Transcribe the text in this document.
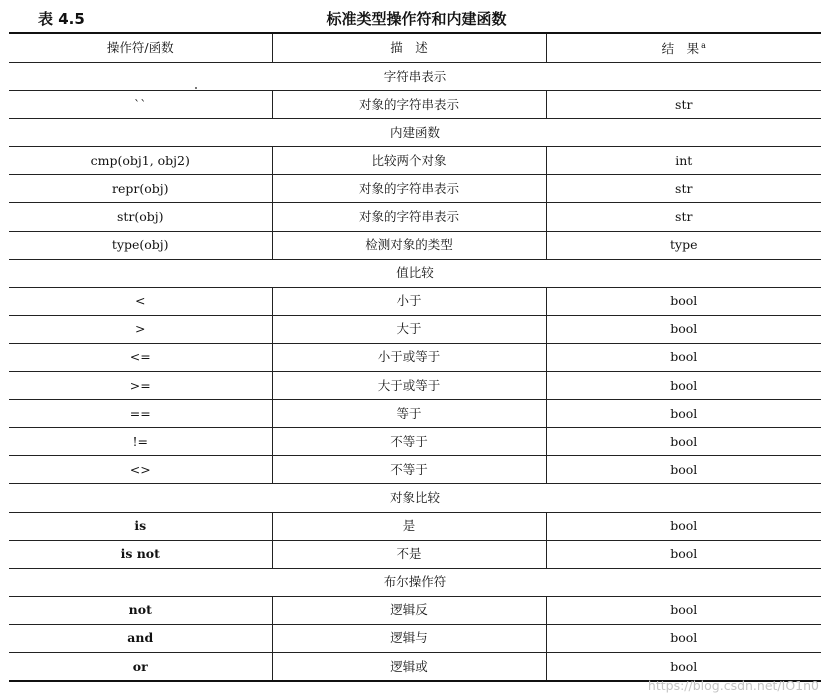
表 4.5	标准类型操作符和内建函数
操作符/函数	描　述	结　果 $^a$
字符串表示		
``	对象的字符串表示	str
内建函数		
cmp(obj1, obj2)	比较两个对象	int
repr(obj)	对象的字符串表示	str
str(obj)	对象的字符串表示	str
type(obj)	检测对象的类型	type
值比较		
<	小于	bool
>	大于	bool
<=	小于或等于	bool
>=	大于或等于	bool
==	等于	bool
!=	不等于	bool
<>	不等于	bool
对象比较		
is	是	bool
is not	不是	bool
布尔操作符		
not	逻辑反	bool
and	逻辑与	bool
or	逻辑或	bool
https://blog.csdn.net/IO1n0
